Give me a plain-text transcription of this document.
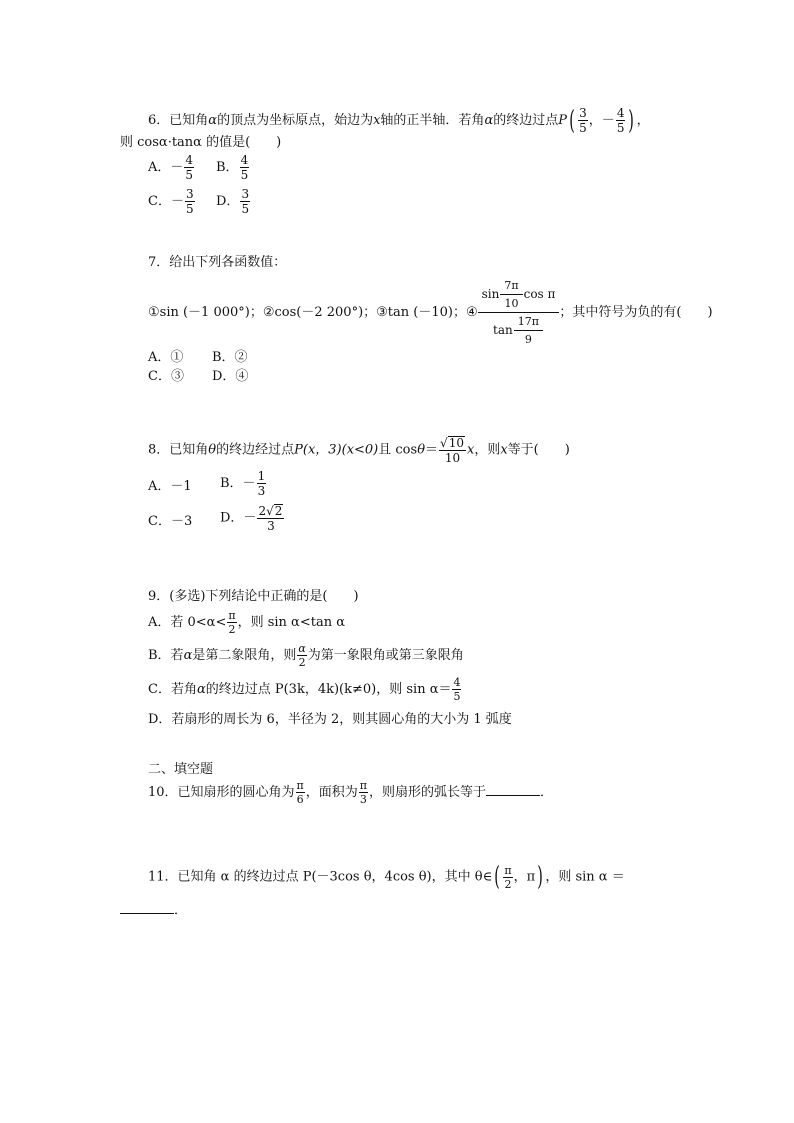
6．已知角α的顶点为坐标原点，始边为x轴的正半轴．若角α的终边过点$P( \frac{3}{5}$ ，－ $\frac{4}{5}$ ) ，
则 cosα·tanα 的值是(　　)
A．－ $\frac{4}{5}$ B． $\frac{4}{5}$
C．－ $\frac{3}{5}$ D． $\frac{3}{5}$
7．给出下列各函数值：
①sin (－1 000°)；②cos(－2 200°)；③tan (－10)；④ $\frac{\sin \frac{7\pi}{10} \cos \pi}{\tan \frac{17\pi}{9}}$ ；其中符号为负的有(　　)
A．① B．②
C．③ D．④
8．已知角θ的终边经过点P(x，3)(x<0)且 $\cos\theta= \frac{√10}{10}$ x，则x等于(　　)
A．－1 B．－ $\frac{1}{3}$
C．－3 D．－ $\frac{2√2}{3}$
9．(多选)下列结论中正确的是(　　)
A．若 $0<\alpha< \frac{\pi}{2}$ ，则 sin α<tan α
B．若α是第二象限角，则 $\frac{\alpha}{2}$ 为第一象限角或第三象限角
C．若角α的终边过点 P(3k，4k)(k≠0)，则 $\sin \alpha= \frac{4}{5}$
D．若扇形的周长为 6，半径为 2，则其圆心角的大小为 1 弧度
二、填空题
10．已知扇形的圆心角为 $\frac{\pi}{6}$ ，面积为 $\frac{\pi}{3}$ ，则扇形的弧长等于	．
11．已知角 α 的终边过点 P(－3cos θ，4cos θ)，其中 θ∈( $\frac{\pi}{2}$ ，π) ，则 sin α ＝
．
